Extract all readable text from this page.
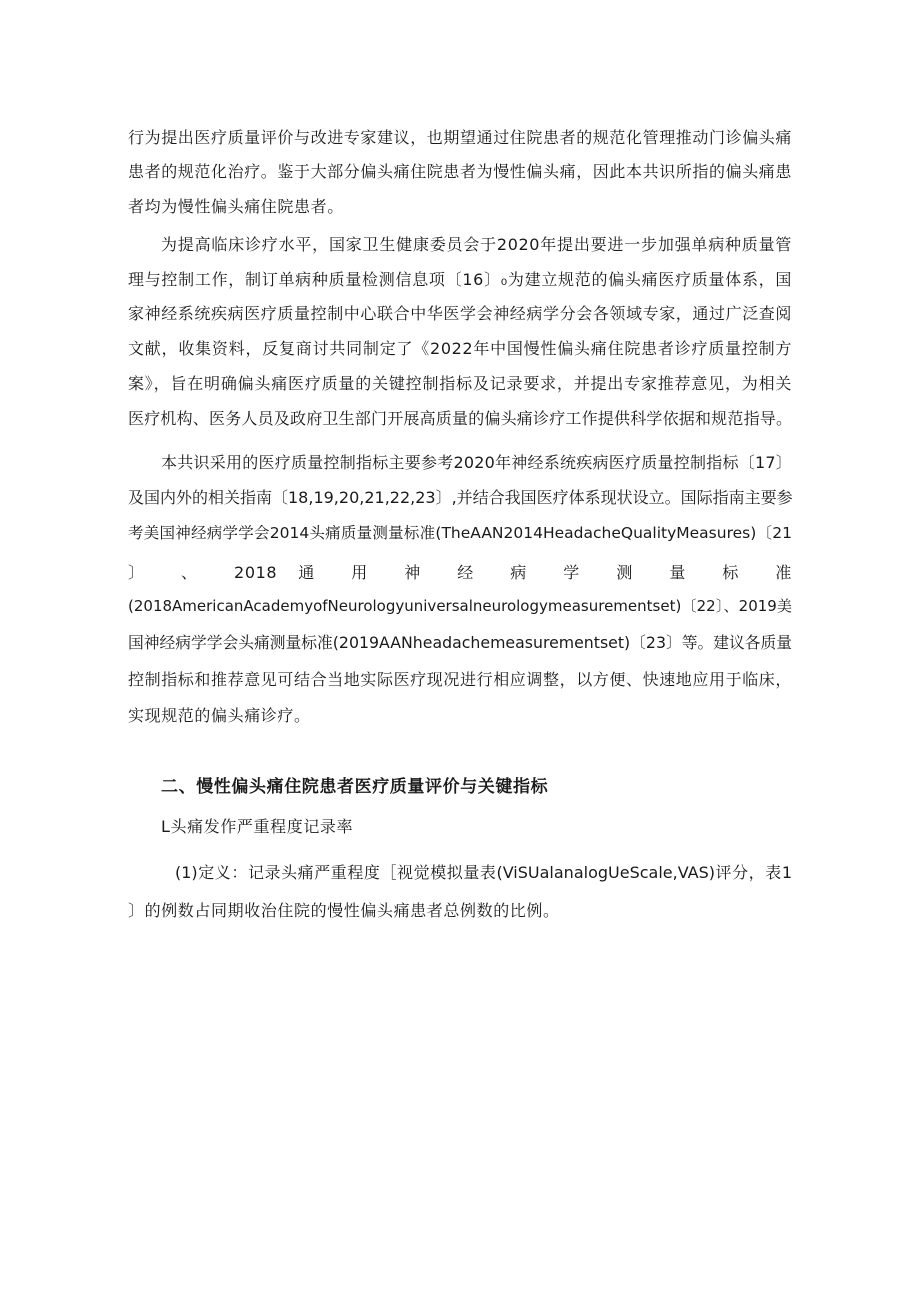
行为提出医疗质量评价与改进专家建议，也期望通过住院患者的规范化管理推动门诊偏头痛
患者的规范化治疗。鉴于大部分偏头痛住院患者为慢性偏头痛，因此本共识所指的偏头痛患
者均为慢性偏头痛住院患者。
为提高临床诊疗水平，国家卫生健康委员会于2020年提出要进一步加强单病种质量管
理与控制工作，制订单病种质量检测信息项〔16〕₀为建立规范的偏头痛医疗质量体系，国
家神经系统疾病医疗质量控制中心联合中华医学会神经病学分会各领域专家，通过广泛查阅
文献，收集资料，反复商讨共同制定了《2022年中国慢性偏头痛住院患者诊疗质量控制方
案》，旨在明确偏头痛医疗质量的关键控制指标及记录要求，并提出专家推荐意见，为相关
医疗机构、医务人员及政府卫生部门开展高质量的偏头痛诊疗工作提供科学依据和规范指导。
本共识采用的医疗质量控制指标主要参考2020年神经系统疾病医疗质量控制指标〔17〕
及国内外的相关指南〔18,19,20,21,22,23〕,并结合我国医疗体系现状设立。国际指南主要参
考美国神经病学学会2014头痛质量测量标准(TheAAN2014HeadacheQualityMeasures)〔21
〕 、 2018 通 用 神 经 病 学 测 量 标 准
(2018AmericanAcademyofNeurologyuniversalneurologymeasurementset)〔22〕、2019美
国神经病学学会头痛测量标准(2019AANheadachemeasurementset)〔23〕等。建议各质量
控制指标和推荐意见可结合当地实际医疗现况进行相应调整，以方便、快速地应用于临床，
实现规范的偏头痛诊疗。
二、慢性偏头痛住院患者医疗质量评价与关键指标
L头痛发作严重程度记录率
(1)定义：记录头痛严重程度［视觉模拟量表(ViSUalanalogUeScale,VAS)评分，表1
〕的例数占同期收治住院的慢性偏头痛患者总例数的比例。
